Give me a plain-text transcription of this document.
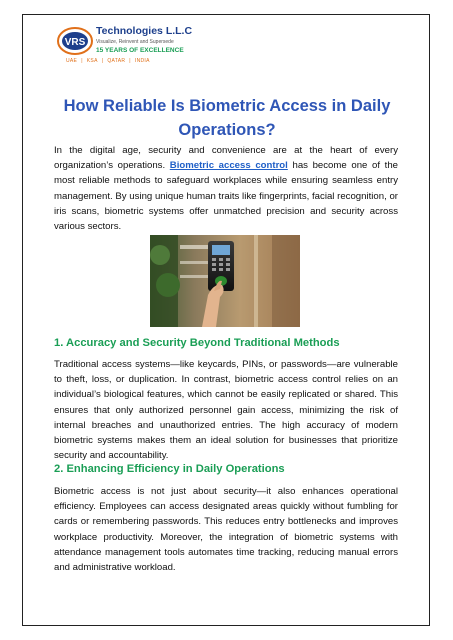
VRS
Technologies L.L.C
Visualize, Reinvent and Supersede
15 YEARS OF EXCELLENCE
UAE | KSA | QATAR | INDIA
How Reliable Is Biometric Access in Daily Operations?

In the digital age, security and convenience are at the heart of every organization’s operations. Biometric access control has become one of the most reliable methods to safeguard workplaces while ensuring seamless entry management. By using unique human traits like fingerprints, facial recognition, or iris scans, biometric systems offer unmatched precision and security across various sectors.

1. Accuracy and Security Beyond Traditional Methods

Traditional access systems—like keycards, PINs, or passwords—are vulnerable to theft, loss, or duplication. In contrast, biometric access control relies on an individual’s biological features, which cannot be easily replicated or shared. This ensures that only authorized personnel gain access, minimizing the risk of internal breaches and unauthorized entries. The high accuracy of modern biometric systems makes them an ideal solution for businesses that prioritize security and accountability.

2. Enhancing Efficiency in Daily Operations

Biometric access is not just about security—it also enhances operational efficiency. Employees can access designated areas quickly without fumbling for cards or remembering passwords. This reduces entry bottlenecks and improves workplace productivity. Moreover, the integration of biometric systems with attendance management tools automates time tracking, reducing manual errors and administrative workload.
